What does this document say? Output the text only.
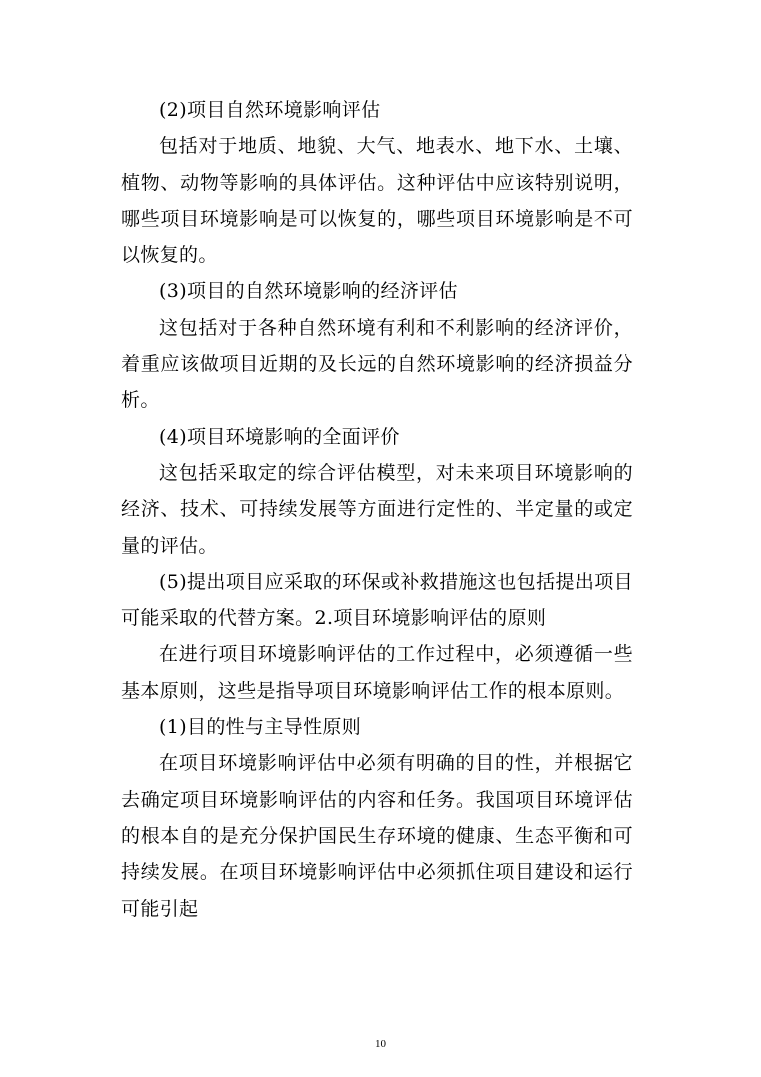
(2)项目自然环境影响评估

包括对于地质、地貌、大气、地表水、地下水、土壤、植物、动物等影响的具体评估。这种评估中应该特别说明，哪些项目环境影响是可以恢复的，哪些项目环境影响是不可以恢复的。

(3)项目的自然环境影响的经济评估

这包括对于各种自然环境有利和不利影响的经济评价，着重应该做项目近期的及长远的自然环境影响的经济损益分析。

(4)项目环境影响的全面评价

这包括采取定的综合评估模型，对未来项目环境影响的经济、技术、可持续发展等方面进行定性的、半定量的或定量的评估。

(5)提出项目应采取的环保或补救措施这也包括提出项目可能采取的代替方案。2.项目环境影响评估的原则

在进行项目环境影响评估的工作过程中，必须遵循一些基本原则，这些是指导项目环境影响评估工作的根本原则。

(1)目的性与主导性原则

在项目环境影响评估中必须有明确的目的性，并根据它去确定项目环境影响评估的内容和任务。我国项目环境评估的根本自的是充分保护国民生存环境的健康、生态平衡和可持续发展。在项目环境影响评估中必须抓住项目建设和运行可能引起

10
